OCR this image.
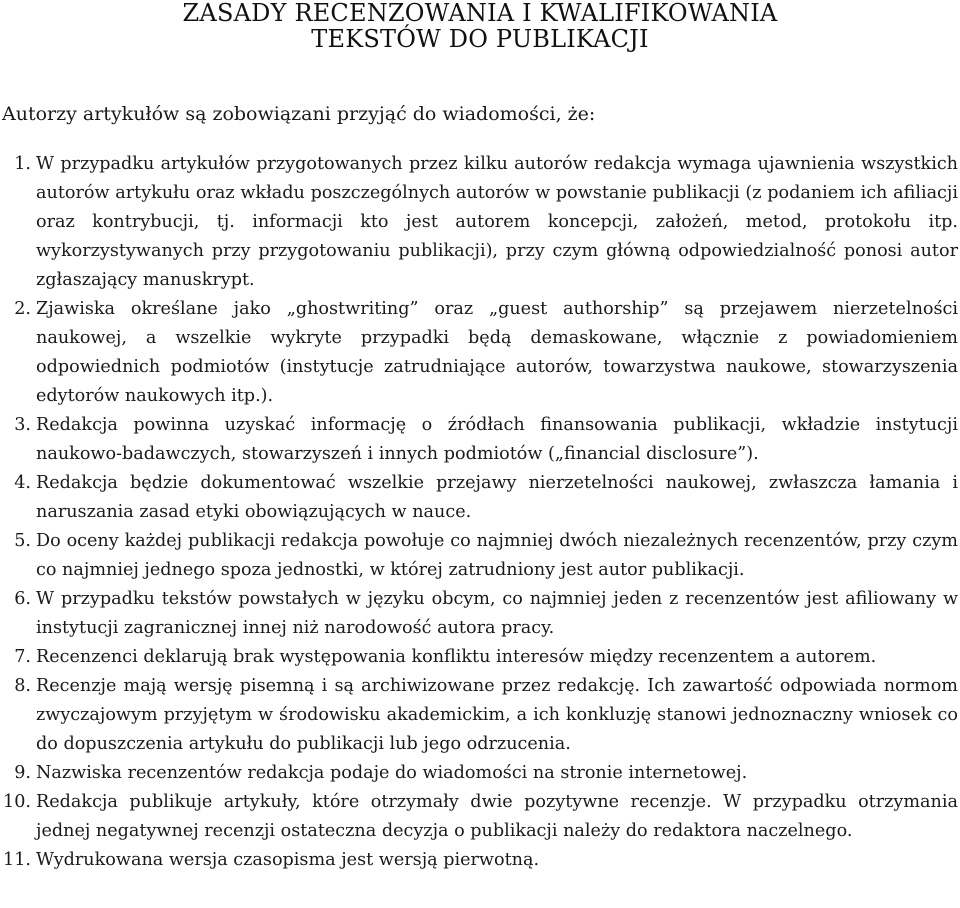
ZASADY RECENZOWANIA I KWALIFIKOWANIA
TEKSTÓW DO PUBLIKACJI

Autorzy artykułów są zobowiązani przyjąć do wiadomości, że:

1. W przypadku artykułów przygotowanych przez kilku autorów redakcja wymaga ujawnienia wszystkich autorów artykułu oraz wkładu poszczególnych autorów w powstanie publikacji (z podaniem ich afiliacji oraz kontrybucji, tj. informacji kto jest autorem koncepcji, założeń, metod, protokołu itp. wykorzystywanych przy przygotowaniu publikacji), przy czym główną odpowiedzialność ponosi autor zgłaszający manuskrypt.
2. Zjawiska określane jako „ghostwriting” oraz „guest authorship” są przejawem nierzetelności naukowej, a wszelkie wykryte przypadki będą demaskowane, włącznie z powiadomieniem odpowiednich podmiotów (instytucje zatrudniające autorów, towarzystwa naukowe, stowarzyszenia edytorów naukowych itp.).
3. Redakcja powinna uzyskać informację o źródłach finansowania publikacji, wkładzie instytucji naukowo-badawczych, stowarzyszeń i innych podmiotów („financial disclosure”).
4. Redakcja będzie dokumentować wszelkie przejawy nierzetelności naukowej, zwłaszcza łamania i naruszania zasad etyki obowiązujących w nauce.
5. Do oceny każdej publikacji redakcja powołuje co najmniej dwóch niezależnych recenzentów, przy czym co najmniej jednego spoza jednostki, w której zatrudniony jest autor publikacji.
6. W przypadku tekstów powstałych w języku obcym, co najmniej jeden z recenzentów jest afiliowany w instytucji zagranicznej innej niż narodowość autora pracy.
7. Recenzenci deklarują brak występowania konfliktu interesów między recenzentem a autorem.
8. Recenzje mają wersję pisemną i są archiwizowane przez redakcję. Ich zawartość odpowiada normom zwyczajowym przyjętym w środowisku akademickim, a ich konkluzję stanowi jednoznaczny wniosek co do dopuszczenia artykułu do publikacji lub jego odrzucenia.
9. Nazwiska recenzentów redakcja podaje do wiadomości na stronie internetowej.
10. Redakcja publikuje artykuły, które otrzymały dwie pozytywne recenzje. W przypadku otrzymania jednej negatywnej recenzji ostateczna decyzja o publikacji należy do redaktora naczelnego.
11. Wydrukowana wersja czasopisma jest wersją pierwotną.
